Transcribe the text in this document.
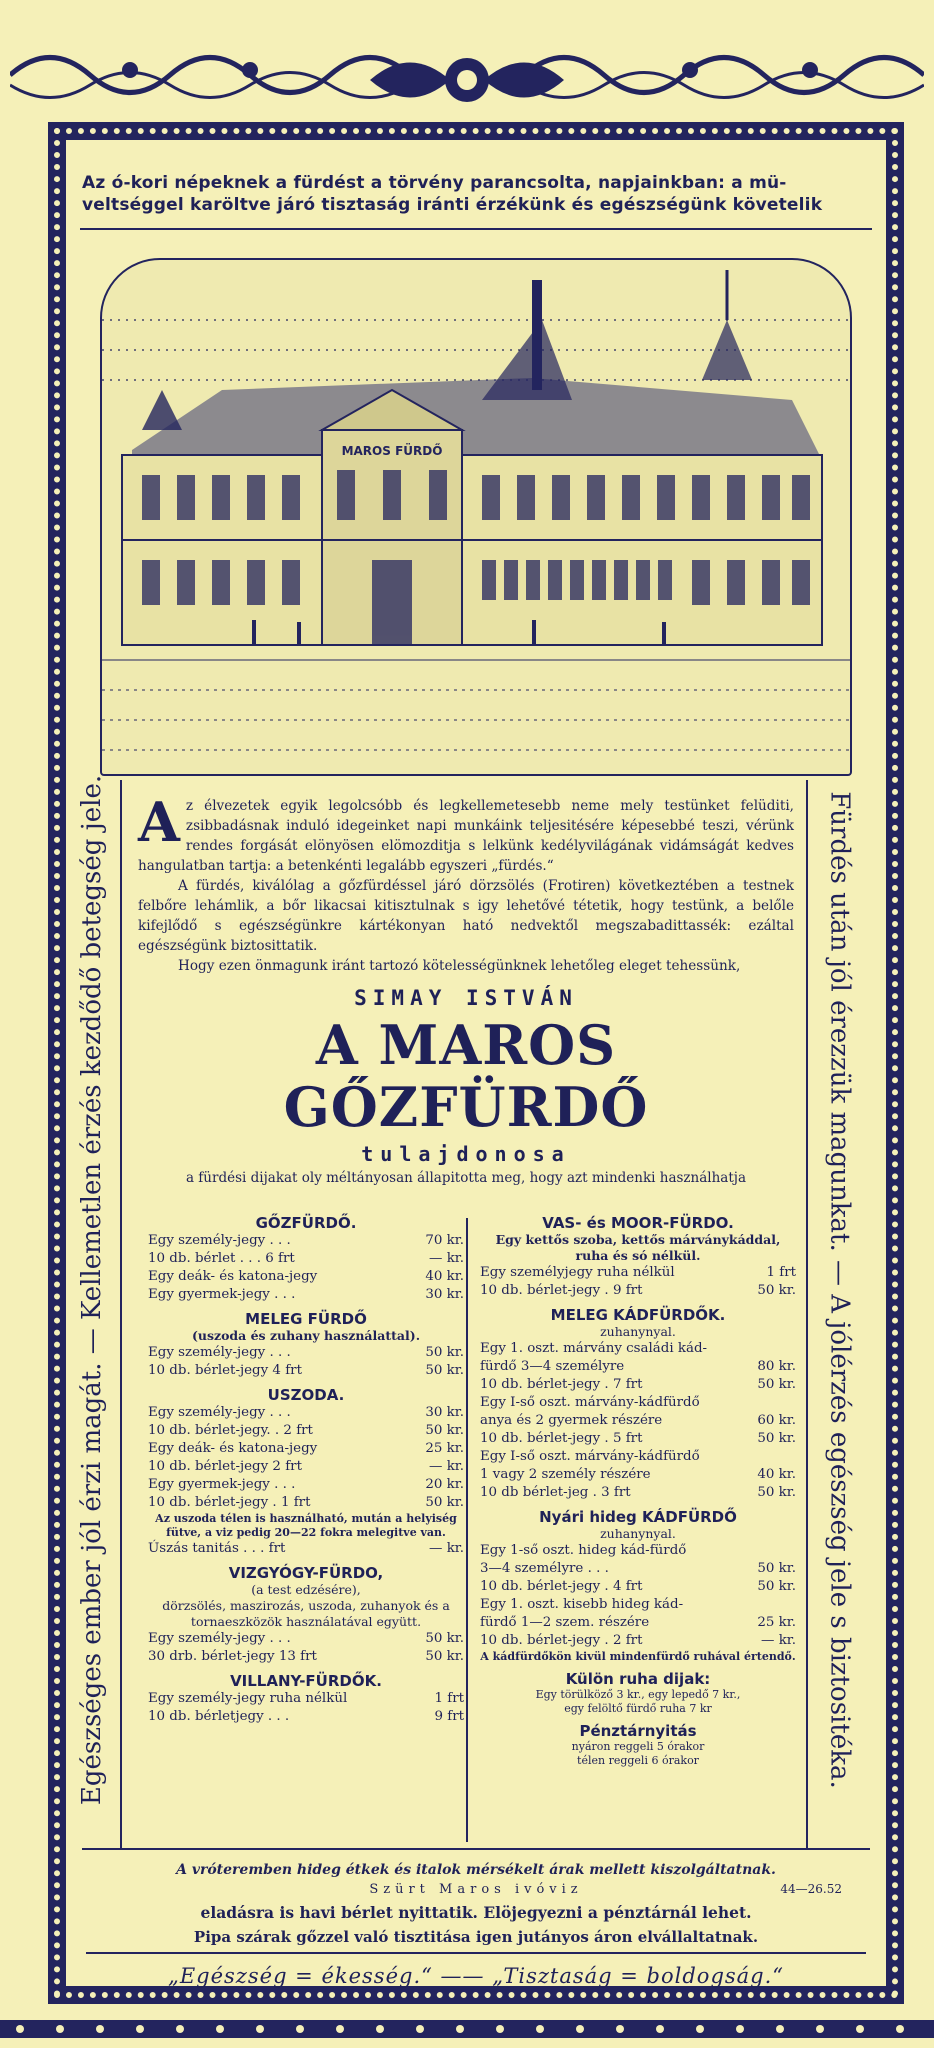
Az ó-kori népeknek a fürdést a törvény parancsolta, napjainkban: a mü-
veltséggel karöltve járó tisztaság iránti érzékünk és egészségünk követelik
MAROS FÜRDŐ
Egészséges ember jól érzi magát. — Kellemetlen érzés kezdődő betegség jele.	Fürdés után jól érezzük magunkat. — A jólérzés egészség jele s biztositéka.

Az élvezetek egyik legolcsóbb és legkellemetesebb neme mely testünket felüditi, zsibbadásnak induló idegeinket napi munkáink teljesitésére képesebbé teszi, vérünk rendes forgását elönyösen elömozditja s lelkünk kedélyvilágának vidámságát kedves hangulatban tartja: a betenkénti legalább egyszeri „fürdés.“

A fürdés, kiválólag a gőzfürdéssel járó dörzsölés (Frotiren) következtében a testnek felbőre lehámlik, a bőr likacsai kitisztulnak s igy lehetővé tétetik, hogy testünk, a belőle kifejlődő s egészségünkre kártékonyan ható nedvektől megszabadittassék: ezáltal egészségünk biztosittatik.

Hogy ezen önmagunk iránt tartozó kötelességünknek lehetőleg eleget tehessünk,

SIMAY ISTVÁN
A MAROS GŐZFÜRDŐ
tulajdonosa
a fürdési dijakat oly méltányosan állapitotta meg, hogy azt mindenki használhatja
GŐZFÜRDŐ.
Egy személy-jegy . . .	70 kr.
10 db. bérlet . . . 6 frt	— kr.
Egy deák- és katona-jegy	40 kr.
Egy gyermek-jegy . . .	30 kr.
MELEG FÜRDŐ
(uszoda és zuhany használattal).
Egy személy-jegy . . .	50 kr.
10 db. bérlet-jegy 4 frt	50 kr.
USZODA.
Egy személy-jegy . . .	30 kr.
10 db. bérlet-jegy. . 2 frt	50 kr.
Egy deák- és katona-jegy	25 kr.
10 db. bérlet-jegy 2 frt	— kr.
Egy gyermek-jegy . . .	20 kr.
10 db. bérlet-jegy . 1 frt	50 kr.
Az uszoda télen is használható, mután a helyiség fütve, a viz pedig 20—22 fokra melegitve van.
Úszás tanitás . . . frt	— kr.
VIZGYÓGY-FÜRDO,
(a test edzésére),
dörzsölés, maszirozás, uszoda, zuhanyok és a tornaeszközök használatával együtt.
Egy személy-jegy . . .	50 kr.
30 drb. bérlet-jegy 13 frt	50 kr.
VILLANY-FÜRDŐK.
Egy személy-jegy ruha nélkül	1 frt
10 db. bérletjegy . . .	9 frt
VAS- és MOOR-FÜRDO.
Egy kettős szoba, kettős márványkáddal, ruha és só nélkül.
Egy személyjegy ruha nélkül	1 frt
10 db. bérlet-jegy . 9 frt	50 kr.
MELEG KÁDFÜRDŐK.
zuhanynyal.
Egy 1. oszt. márvány családi kád-
fürdő 3—4 személyre	80 kr.
10 db. bérlet-jegy . 7 frt	50 kr.
Egy I-ső oszt. márvány-kádfürdő
anya és 2 gyermek részére	60 kr.
10 db. bérlet-jegy . 5 frt	50 kr.
Egy I-ső oszt. márvány-kádfürdő
1 vagy 2 személy részére	40 kr.
10 db bérlet-jeg . 3 frt	50 kr.
Nyári hideg KÁDFÜRDŐ
zuhanynyal.
Egy 1-ső oszt. hideg kád-fürdő
3—4 személyre . . .	50 kr.
10 db. bérlet-jegy . 4 frt	50 kr.
Egy 1. oszt. kisebb hideg kád-
fürdő 1—2 szem. részére	25 kr.
10 db. bérlet-jegy . 2 frt	— kr.
A kádfürdőkön kivül mindenfürdő ruhával értendő.
Külön ruha dijak:
Egy törülköző 3 kr., egy lepedő 7 kr.,
egy felöltő fürdő ruha 7 kr
Pénztárnyitás
nyáron reggeli 5 órakor
télen reggeli 6 órakor
A vróteremben hideg étkek és italok mérsékelt árak mellett kiszolgáltatnak.
Szürt Maros ivóviz	44—26.52
eladásra is havi bérlet nyittatik. Elöjegyezni a pénztárnál lehet.
Pipa szárak gőzzel való tisztitása igen jutányos áron elvállaltatnak.
„Egészség = ékesség.“ —— „Tisztaság = boldogság.“
